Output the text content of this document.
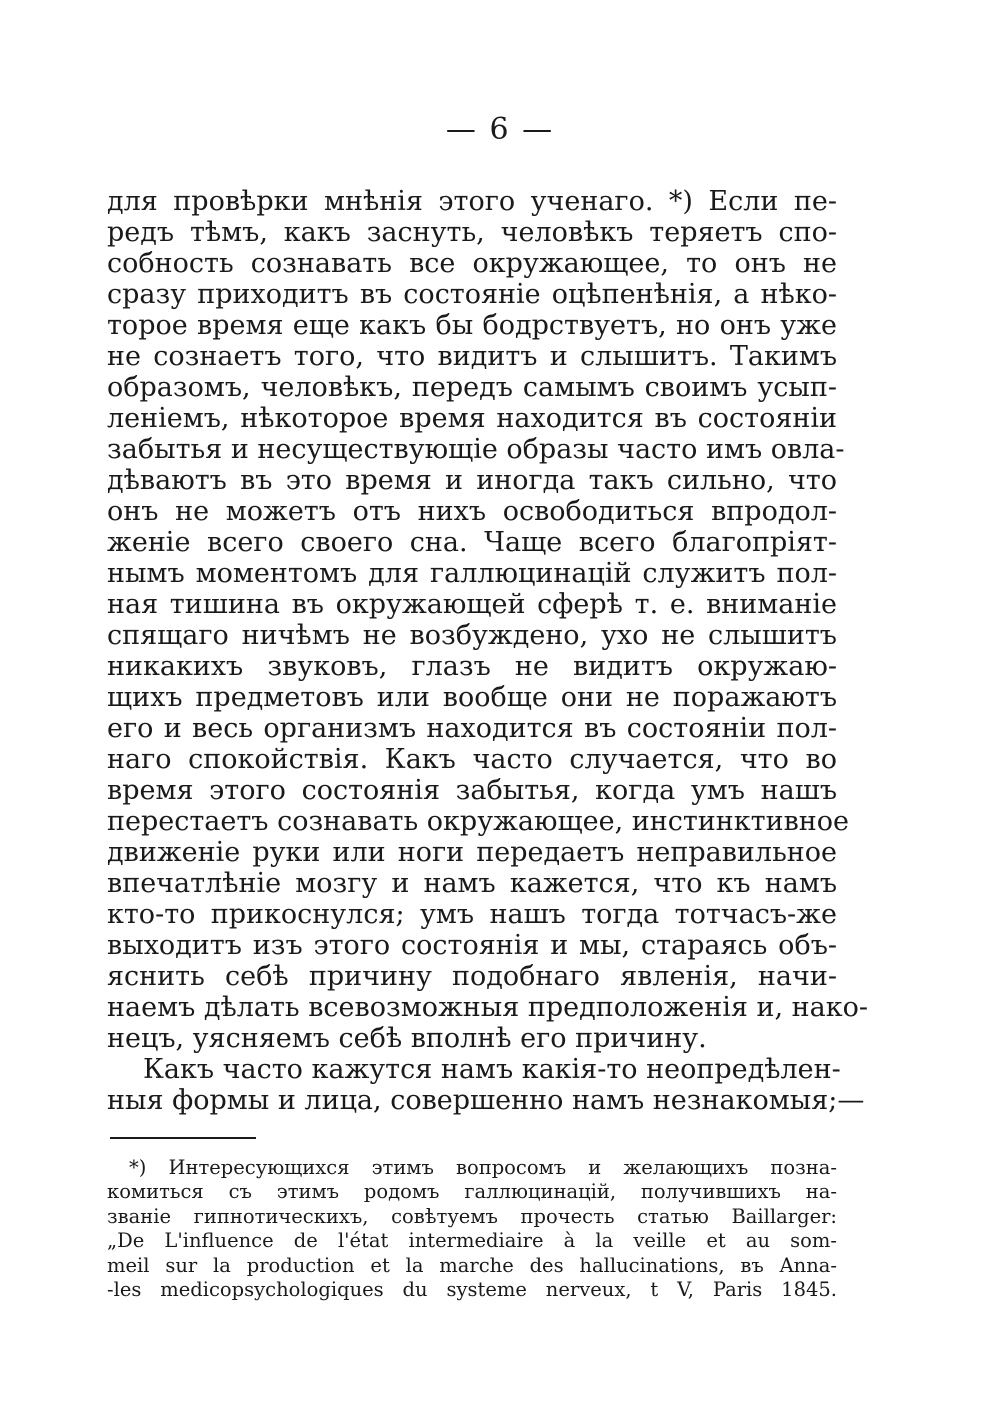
— 6 —
для провѣрки мнѣнія этого ученаго. *) Если пе-
редъ тѣмъ, какъ заснуть, человѣкъ теряетъ спо-
собность сознавать все окружающее, то онъ не
сразу приходитъ въ состояніе оцѣпенѣнія, а нѣко-
торое время еще какъ бы бодрствуетъ, но онъ уже
не сознаетъ того, что видитъ и слышитъ. Такимъ
образомъ, человѣкъ, передъ самымъ своимъ усып-
леніемъ, нѣкоторое время находится въ состояніи
забытья и несуществующіе образы часто имъ овла-
дѣваютъ въ это время и иногда такъ сильно, что
онъ не можетъ отъ нихъ освободиться впродол-
женіе всего своего сна. Чаще всего благопріят-
нымъ моментомъ для галлюцинацій служитъ пол-
ная тишина въ окружающей сферѣ т. е. вниманіе
спящаго ничѣмъ не возбуждено, ухо не слышитъ
никакихъ звуковъ, глазъ не видитъ окружаю-
щихъ предметовъ или вообще они не поражаютъ
его и весь организмъ находится въ состояніи пол-
наго спокойствія. Какъ часто случается, что во
время этого состоянія забытья, когда умъ нашъ
перестаетъ сознавать окружающее, инстинктивное
движеніе руки или ноги передаетъ неправильное
впечатлѣніе мозгу и намъ кажется, что къ намъ
кто-то прикоснулся; умъ нашъ тогда тотчасъ-же
выходитъ изъ этого состоянія и мы, стараясь объ-
яснить себѣ причину подобнаго явленія, начи-
наемъ дѣлать всевозможныя предположенія и, нако-
нецъ, уясняемъ себѣ вполнѣ его причину.
Какъ часто кажутся намъ какія-то неопредѣлен-
ныя формы и лица, совершенно намъ незнакомыя;—
*) Интересующихся этимъ вопросомъ и желающихъ позна-
комиться съ этимъ родомъ галлюцинацій, получившихъ на-
званіе гипнотическихъ, совѣтуемъ прочесть статью Baillarger:
„De L'influence de l'état intermediaire à la veille et au som-
meil sur la production et la marche des hallucinations, въ Anna-
-les medicopsychologiques du systeme nerveux, t V, Paris 1845.
